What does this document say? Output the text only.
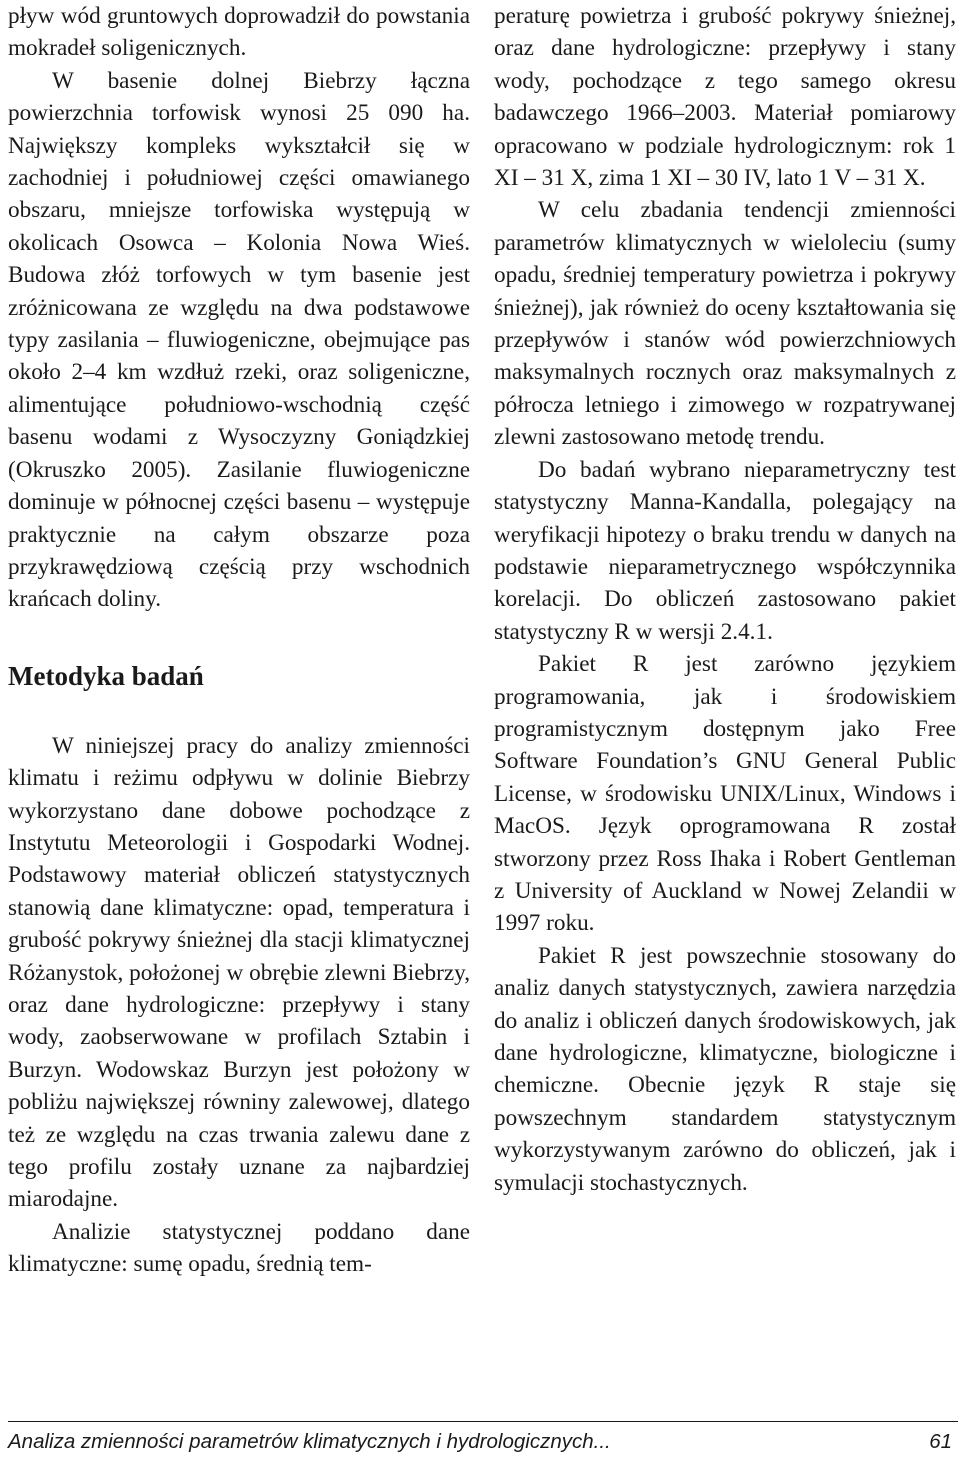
pływ wód gruntowych doprowadził do powstania mokradeł soligenicznych.

W basenie dolnej Biebrzy łączna powierzchnia torfowisk wynosi 25 090 ha. Największy kompleks wykształcił się w zachodniej i południowej części omawianego obszaru, mniejsze torfowiska występują w okolicach Osowca – Kolonia Nowa Wieś. Budowa złóż torfowych w tym basenie jest zróżnicowana ze względu na dwa podstawowe typy zasilania – fluwiogeniczne, obejmujące pas około 2–4 km wzdłuż rzeki, oraz soligeniczne, alimentujące południowo-wschodnią część basenu wodami z Wysoczyzny Goniądzkiej (Okruszko 2005). Zasilanie fluwiogeniczne dominuje w północnej części basenu – występuje praktycznie na całym obszarze poza przykrawędziową częścią przy wschodnich krańcach doliny.

Metodyka badań

W niniejszej pracy do analizy zmienności klimatu i reżimu odpływu w dolinie Biebrzy wykorzystano dane dobowe pochodzące z Instytutu Meteorologii i Gospodarki Wodnej. Podstawowy materiał obliczeń statystycznych stanowią dane klimatyczne: opad, temperatura i grubość pokrywy śnieżnej dla stacji klimatycznej Różanystok, położonej w obrębie zlewni Biebrzy, oraz dane hydrologiczne: przepływy i stany wody, zaobserwowane w profilach Sztabin i Burzyn. Wodowskaz Burzyn jest położony w pobliżu największej równiny zalewowej, dlatego też ze względu na czas trwania zalewu dane z tego profilu zostały uznane za najbardziej miarodajne.

Analizie statystycznej poddano dane klimatyczne: sumę opadu, średnią tem-

peraturę powietrza i grubość pokrywy śnieżnej, oraz dane hydrologiczne: przepływy i stany wody, pochodzące z tego samego okresu badawczego 1966–2003. Materiał pomiarowy opracowano w podziale hydrologicznym: rok 1 XI – 31 X, zima 1 XI – 30 IV, lato 1 V – 31 X.

W celu zbadania tendencji zmienności parametrów klimatycznych w wieloleciu (sumy opadu, średniej temperatury powietrza i pokrywy śnieżnej), jak również do oceny kształtowania się przepływów i stanów wód powierzchniowych maksymalnych rocznych oraz maksymalnych z półrocza letniego i zimowego w rozpatrywanej zlewni zastosowano metodę trendu.

Do badań wybrano nieparametryczny test statystyczny Manna-Kandalla, polegający na weryfikacji hipotezy o braku trendu w danych na podstawie nieparametrycznego współczynnika korelacji. Do obliczeń zastosowano pakiet statystyczny R w wersji 2.4.1.

Pakiet R jest zarówno językiem programowania, jak i środowiskiem programistycznym dostępnym jako Free Software Foundation’s GNU General Public License, w środowisku UNIX/Linux, Windows i MacOS. Język oprogramowana R został stworzony przez Ross Ihaka i Robert Gentleman z University of Auckland w Nowej Zelandii w 1997 roku.

Pakiet R jest powszechnie stosowany do analiz danych statystycznych, zawiera narzędzia do analiz i obliczeń danych środowiskowych, jak dane hydrologiczne, klimatyczne, biologiczne i chemiczne. Obecnie język R staje się powszechnym standardem statystycznym wykorzystywanym zarówno do obliczeń, jak i symulacji stochastycznych.

Analiza zmienności parametrów klimatycznych i hydrologicznych...	61
